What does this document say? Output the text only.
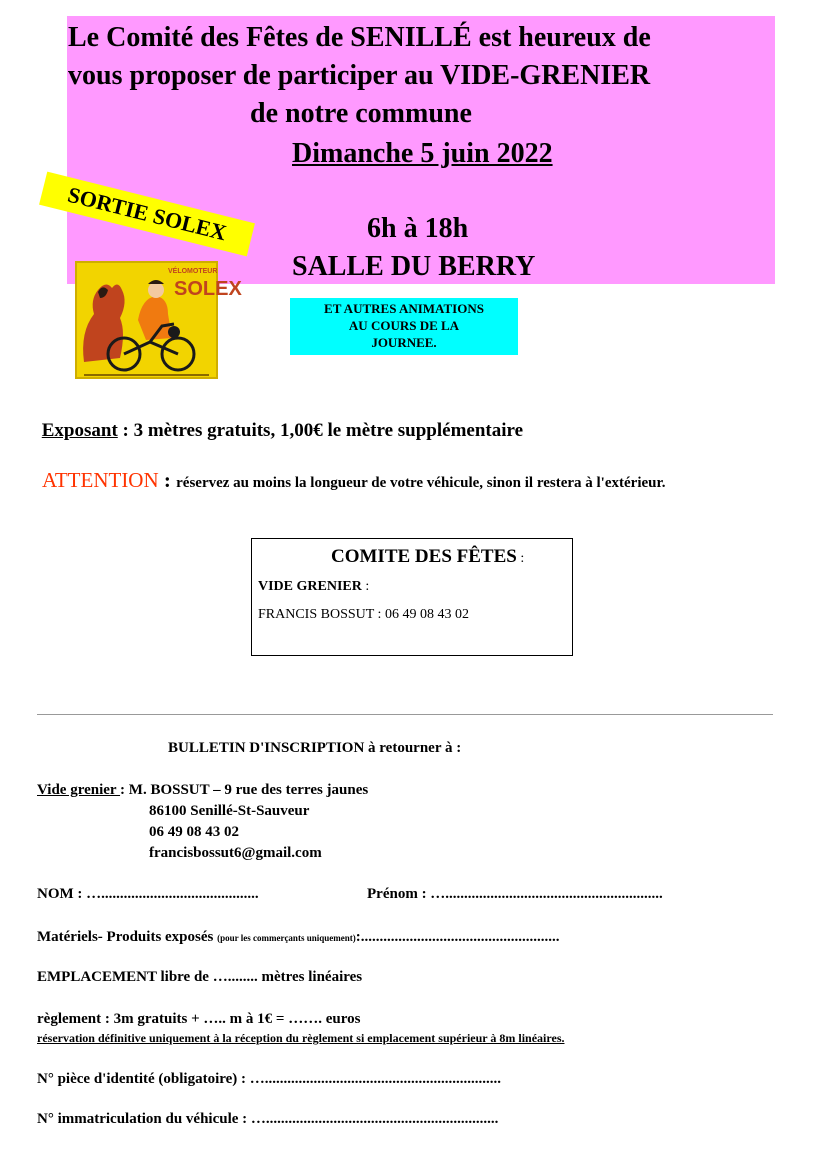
Le Comité des Fêtes de SENILLÉ est heureux de
vous proposer de participer au VIDE-GRENIER
de notre commune
Dimanche 5 juin 2022
6h à 18h
SALLE DU BERRY
SORTIE SOLEX
VÉLOMOTEUR
SOLEX
ET AUTRES ANIMATIONS
AU COURS DE LA
JOURNEE.
Exposant : 3 mètres gratuits, 1,00€ le mètre supplémentaire
ATTENTION : réservez au moins la longueur de votre véhicule, sinon il restera à l'extérieur.
COMITE DES FÊTES :
VIDE GRENIER :
FRANCIS BOSSUT : 06 49 08 43 02
BULLETIN D'INSCRIPTION à retourner à :
Vide grenier : M. BOSSUT – 9 rue des terres jaunes
86100 Senillé-St-Sauveur
06 49 08 43 02
francisbossut6@gmail.com
NOM : …..........................................	Prénom : …..........................................................
Matériels- Produits exposés (pour les commerçants uniquement):.....................................................
EMPLACEMENT libre de …........ mètres linéaires
règlement : 3m gratuits + ….. m à 1€ = ……. euros
réservation définitive uniquement à la réception du règlement si emplacement supérieur à 8m linéaires.
N° pièce d'identité (obligatoire) : …...............................................................
N° immatriculation du véhicule : …..............................................................
